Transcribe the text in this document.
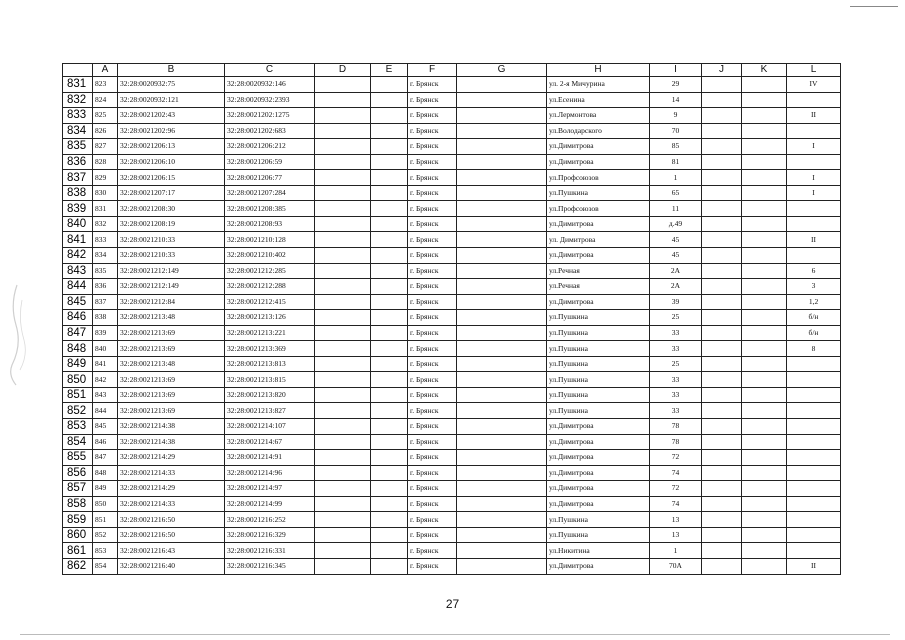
	A	B	C	D	E	F	G	H	I	J	K	L
831	823	32:28:0020932:75	32:28:0020932:146			г. Брянск		ул. 2-я Мичурина	29			IV
832	824	32:28:0020932:121	32:28:0020932:2393			г. Брянск		ул.Есенина	14			
833	825	32:28:0021202:43	32:28:0021202:1275			г. Брянск		ул.Лермонтова	9			II
834	826	32:28:0021202:96	32:28:0021202:683			г. Брянск		ул.Володарского	70			
835	827	32:28:0021206:13	32:28:0021206:212			г. Брянск		ул.Димитрова	85			I
836	828	32:28:0021206:10	32:28:0021206:59			г. Брянск		ул.Димитрова	81			
837	829	32:28:0021206:15	32:28:0021206:77			г. Брянск		ул.Профсоюзов	1			I
838	830	32:28:0021207:17	32:28:0021207:284			г. Брянск		ул.Пушкина	65			I
839	831	32:28:0021208:30	32:28:0021208:385			г. Брянск		ул.Профсоюзов	11			
840	832	32:28:0021208:19	32:28:0021208:93			г. Брянск		ул.Димитрова	д.49			
841	833	32:28:0021210:33	32:28:0021210:128			г. Брянск		ул. Димитрова	45			II
842	834	32:28:0021210:33	32:28:0021210:402			г. Брянск		ул.Димитрова	45			
843	835	32:28:0021212:149	32:28:0021212:285			г. Брянск		ул.Речная	2А			6
844	836	32:28:0021212:149	32:28:0021212:288			г. Брянск		ул.Речная	2А			3
845	837	32:28:0021212:84	32:28:0021212:415			г. Брянск		ул.Димитрова	39			1,2
846	838	32:28:0021213:48	32:28:0021213:126			г. Брянск		ул.Пушкина	25			б/н
847	839	32:28:0021213:69	32:28:0021213:221			г. Брянск		ул.Пушкина	33			б/н
848	840	32:28:0021213:69	32:28:0021213:369			г. Брянск		ул.Пушкина	33			8
849	841	32:28:0021213:48	32:28:0021213:813			г. Брянск		ул.Пушкина	25			
850	842	32:28:0021213:69	32:28:0021213:815			г. Брянск		ул.Пушкина	33			
851	843	32:28:0021213:69	32:28:0021213:820			г. Брянск		ул.Пушкина	33			
852	844	32:28:0021213:69	32:28:0021213:827			г. Брянск		ул.Пушкина	33			
853	845	32:28:0021214:38	32:28:0021214:107			г. Брянск		ул.Димитрова	78			
854	846	32:28:0021214:38	32:28:0021214:67			г. Брянск		ул.Димитрова	78			
855	847	32:28:0021214:29	32:28:0021214:91			г. Брянск		ул.Димитрова	72			
856	848	32:28:0021214:33	32:28:0021214:96			г. Брянск		ул.Димитрова	74			
857	849	32:28:0021214:29	32:28:0021214:97			г. Брянск		ул.Димитрова	72			
858	850	32:28:0021214:33	32:28:0021214:99			г. Брянск		ул.Димитрова	74			
859	851	32:28:0021216:50	32:28:0021216:252			г. Брянск		ул.Пушкина	13			
860	852	32:28:0021216:50	32:28:0021216:329			г. Брянск		ул.Пушкина	13			
861	853	32:28:0021216:43	32:28:0021216:331			г. Брянск		ул.Никитина	1			
862	854	32:28:0021216:40	32:28:0021216:345			г. Брянск		ул.Димитрова	70А			II
27
